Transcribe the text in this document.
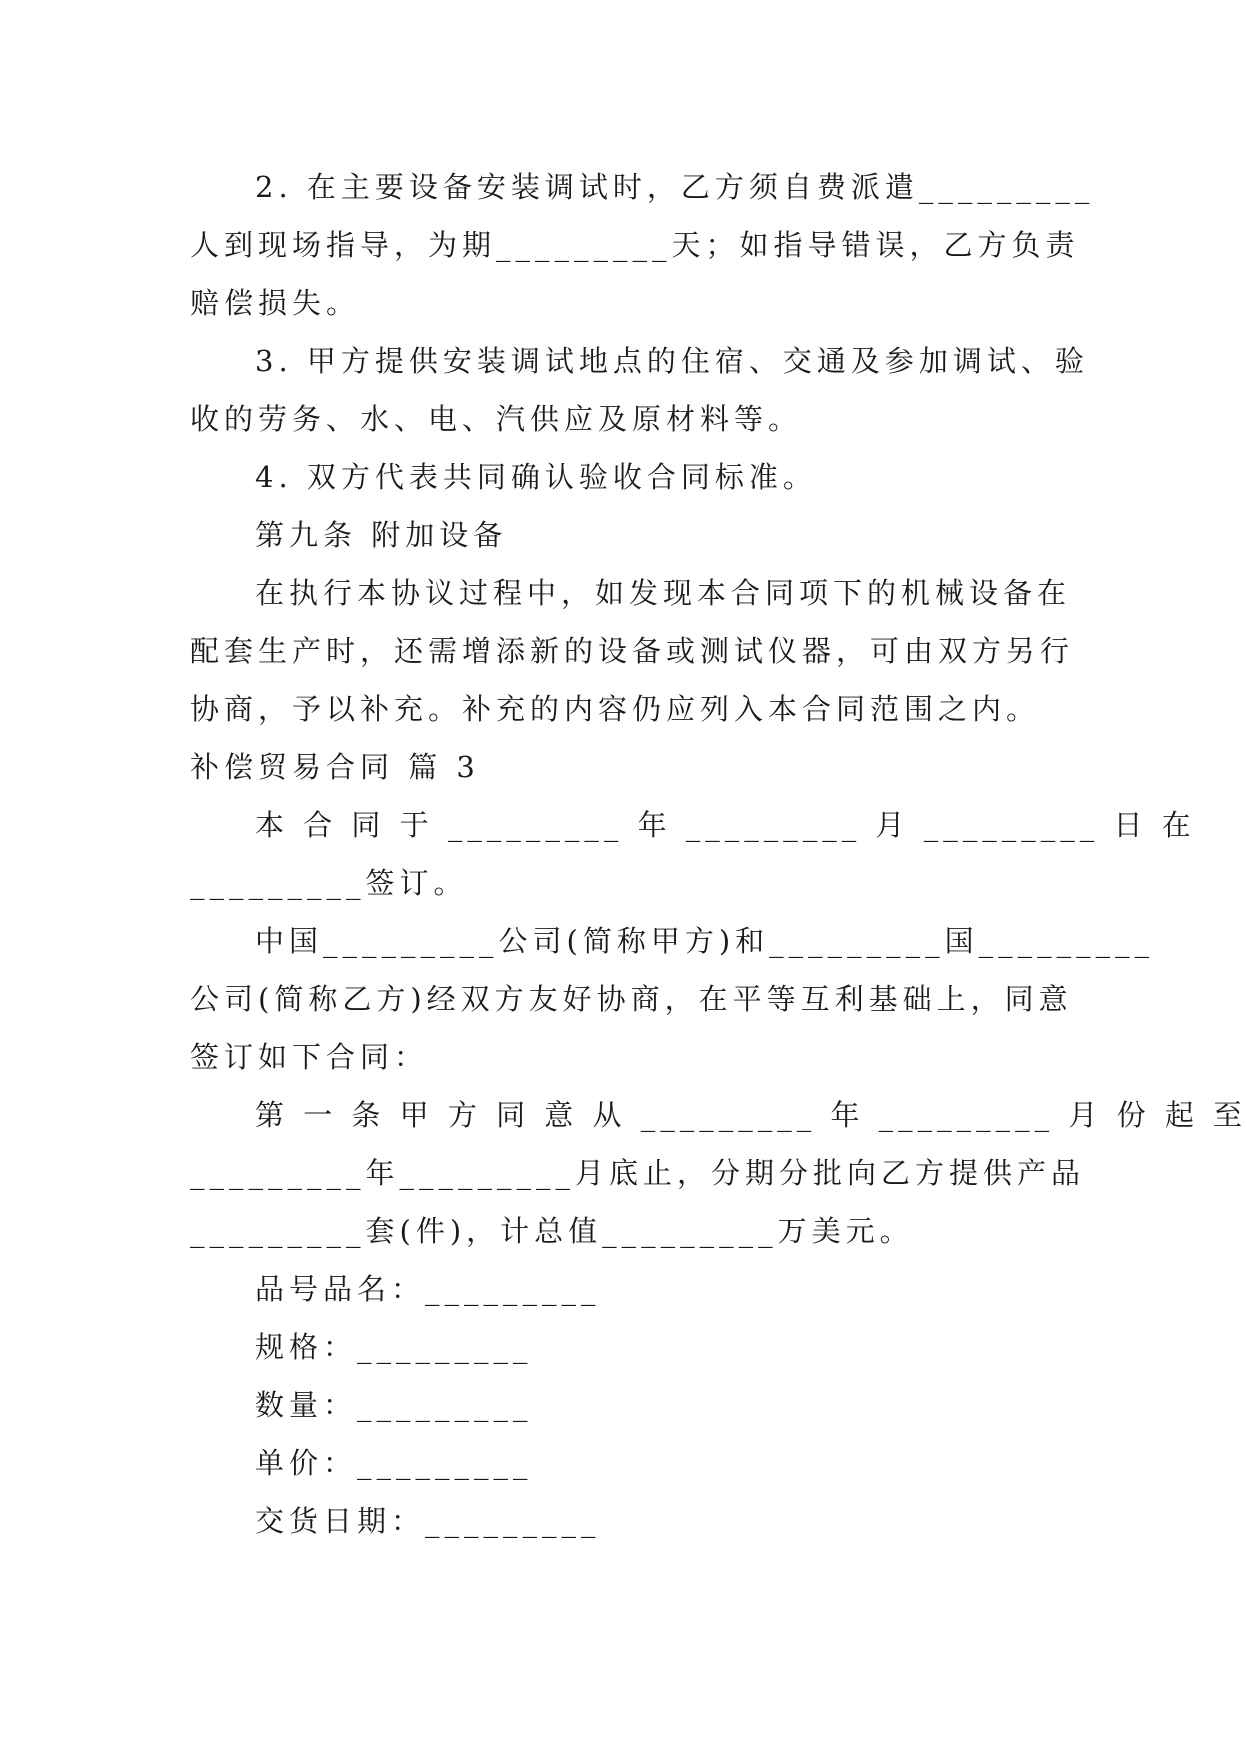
2. 在主要设备安装调试时，乙方须自费派遣_________

人到现场指导，为期_________天；如指导错误，乙方负责

赔偿损失。

3. 甲方提供安装调试地点的住宿、交通及参加调试、验

收的劳务、水、电、汽供应及原材料等。

4. 双方代表共同确认验收合同标准。

第九条 附加设备

在执行本协议过程中，如发现本合同项下的机械设备在

配套生产时，还需增添新的设备或测试仪器，可由双方另行

协商，予以补充。补充的内容仍应列入本合同范围之内。

补偿贸易合同 篇 3

本 合 同 于 _________ 年 _________ 月 _________ 日 在

_________签订。

中国_________公司(简称甲方)和_________国_________

公司(简称乙方)经双方友好协商，在平等互利基础上，同意

签订如下合同：

第 一 条 甲 方 同 意 从 _________ 年 _________ 月 份 起 至

_________年_________月底止，分期分批向乙方提供产品

_________套(件)，计总值_________万美元。

品号品名：_________

规格：_________

数量：_________

单价：_________

交货日期：_________
